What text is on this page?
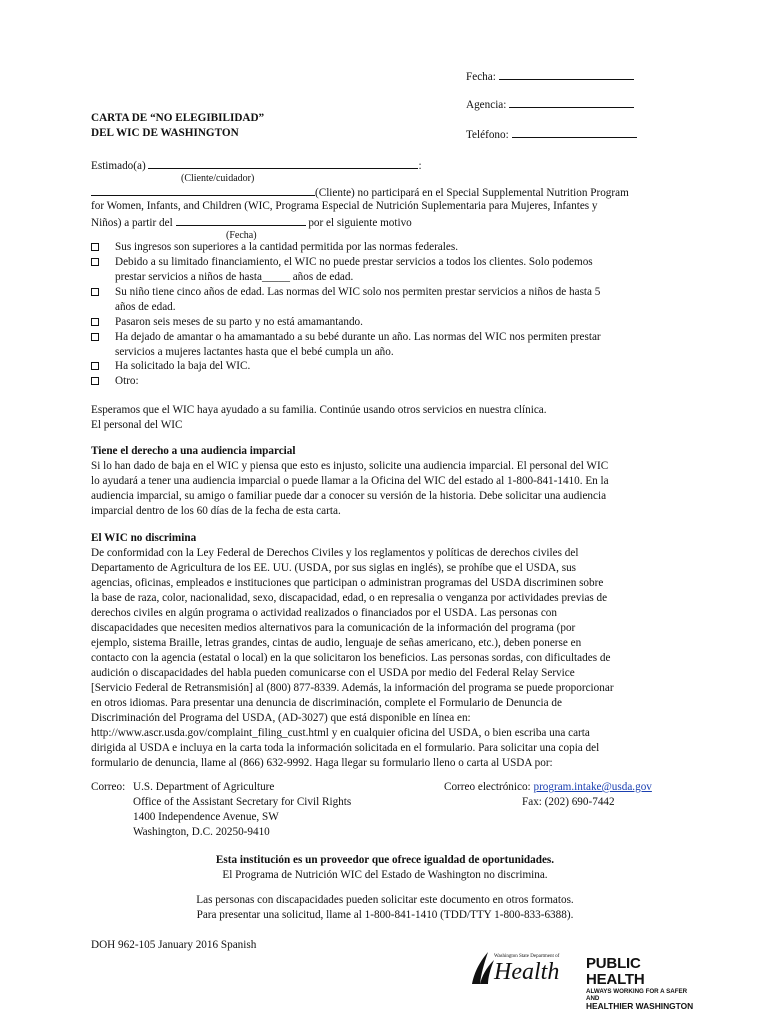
Fecha:
Agencia:
Teléfono:
CARTA DE “NO ELEGIBILIDAD”
DEL WIC DE WASHINGTON
Estimado(a)	:
(Cliente/cuidador)
(Cliente) no participará en el Special Supplemental Nutrition Program
for Women, Infants, and Children (WIC, Programa Especial de Nutrición Suplementaria para Mujeres, Infantes y
Niños) a partir del	por el siguiente motivo
(Fecha)
Sus ingresos son superiores a la cantidad permitida por las normas federales.
Debido a su limitado financiamiento, el WIC no puede prestar servicios a todos los clientes. Solo podemos
prestar servicios a niños de hasta_____ años de edad.
Su niño tiene cinco años de edad. Las normas del WIC solo nos permiten prestar servicios a niños de hasta 5
años de edad.
Pasaron seis meses de su parto y no está amamantando.
Ha dejado de amantar o ha amamantado a su bebé durante un año. Las normas del WIC nos permiten prestar
servicios a mujeres lactantes hasta que el bebé cumpla un año.
Ha solicitado la baja del WIC.
Otro:
Esperamos que el WIC haya ayudado a su familia. Continúe usando otros servicios en nuestra clínica.
El personal del WIC
Tiene el derecho a una audiencia imparcial
Si lo han dado de baja en el WIC y piensa que esto es injusto, solicite una audiencia imparcial. El personal del WIC
lo ayudará a tener una audiencia imparcial o puede llamar a la Oficina del WIC del estado al 1-800-841-1410. En la
audiencia imparcial, su amigo o familiar puede dar a conocer su versión de la historia. Debe solicitar una audiencia
imparcial dentro de los 60 días de la fecha de esta carta.
El WIC no discrimina
De conformidad con la Ley Federal de Derechos Civiles y los reglamentos y políticas de derechos civiles del
Departamento de Agricultura de los EE. UU. (USDA, por sus siglas en inglés), se prohíbe que el USDA, sus
agencias, oficinas, empleados e instituciones que participan o administran programas del USDA discriminen sobre
la base de raza, color, nacionalidad, sexo, discapacidad, edad, o en represalia o venganza por actividades previas de
derechos civiles en algún programa o actividad realizados o financiados por el USDA. Las personas con
discapacidades que necesiten medios alternativos para la comunicación de la información del programa (por
ejemplo, sistema Braille, letras grandes, cintas de audio, lenguaje de señas americano, etc.), deben ponerse en
contacto con la agencia (estatal o local) en la que solicitaron los beneficios. Las personas sordas, con dificultades de
audición o discapacidades del habla pueden comunicarse con el USDA por medio del Federal Relay Service
[Servicio Federal de Retransmisión] al (800) 877-8339. Además, la información del programa se puede proporcionar
en otros idiomas. Para presentar una denuncia de discriminación, complete el Formulario de Denuncia de
Discriminación del Programa del USDA, (AD-3027) que está disponible en línea en:
http://www.ascr.usda.gov/complaint_filing_cust.html y en cualquier oficina del USDA, o bien escriba una carta
dirigida al USDA e incluya en la carta toda la información solicitada en el formulario. Para solicitar una copia del
formulario de denuncia, llame al (866) 632-9992. Haga llegar su formulario lleno o carta al USDA por:
Correo: U.S. Department of Agriculture
Office of the Assistant Secretary for Civil Rights
1400 Independence Avenue, SW
Washington, D.C. 20250-9410
Correo electrónico: program.intake@usda.gov
Fax: (202) 690-7442
Esta institución es un proveedor que ofrece igualdad de oportunidades.
El Programa de Nutrición WIC del Estado de Washington no discrimina.
Las personas con discapacidades pueden solicitar este documento en otros formatos.
Para presentar una solicitud, llame al 1-800-841-1410 (TDD/TTY 1-800-833-6388).
DOH 962-105 January 2016 Spanish
Washington State Department of
Health PUBLIC HEALTH
ALWAYS WORKING FOR A SAFER AND
HEALTHIER WASHINGTON
